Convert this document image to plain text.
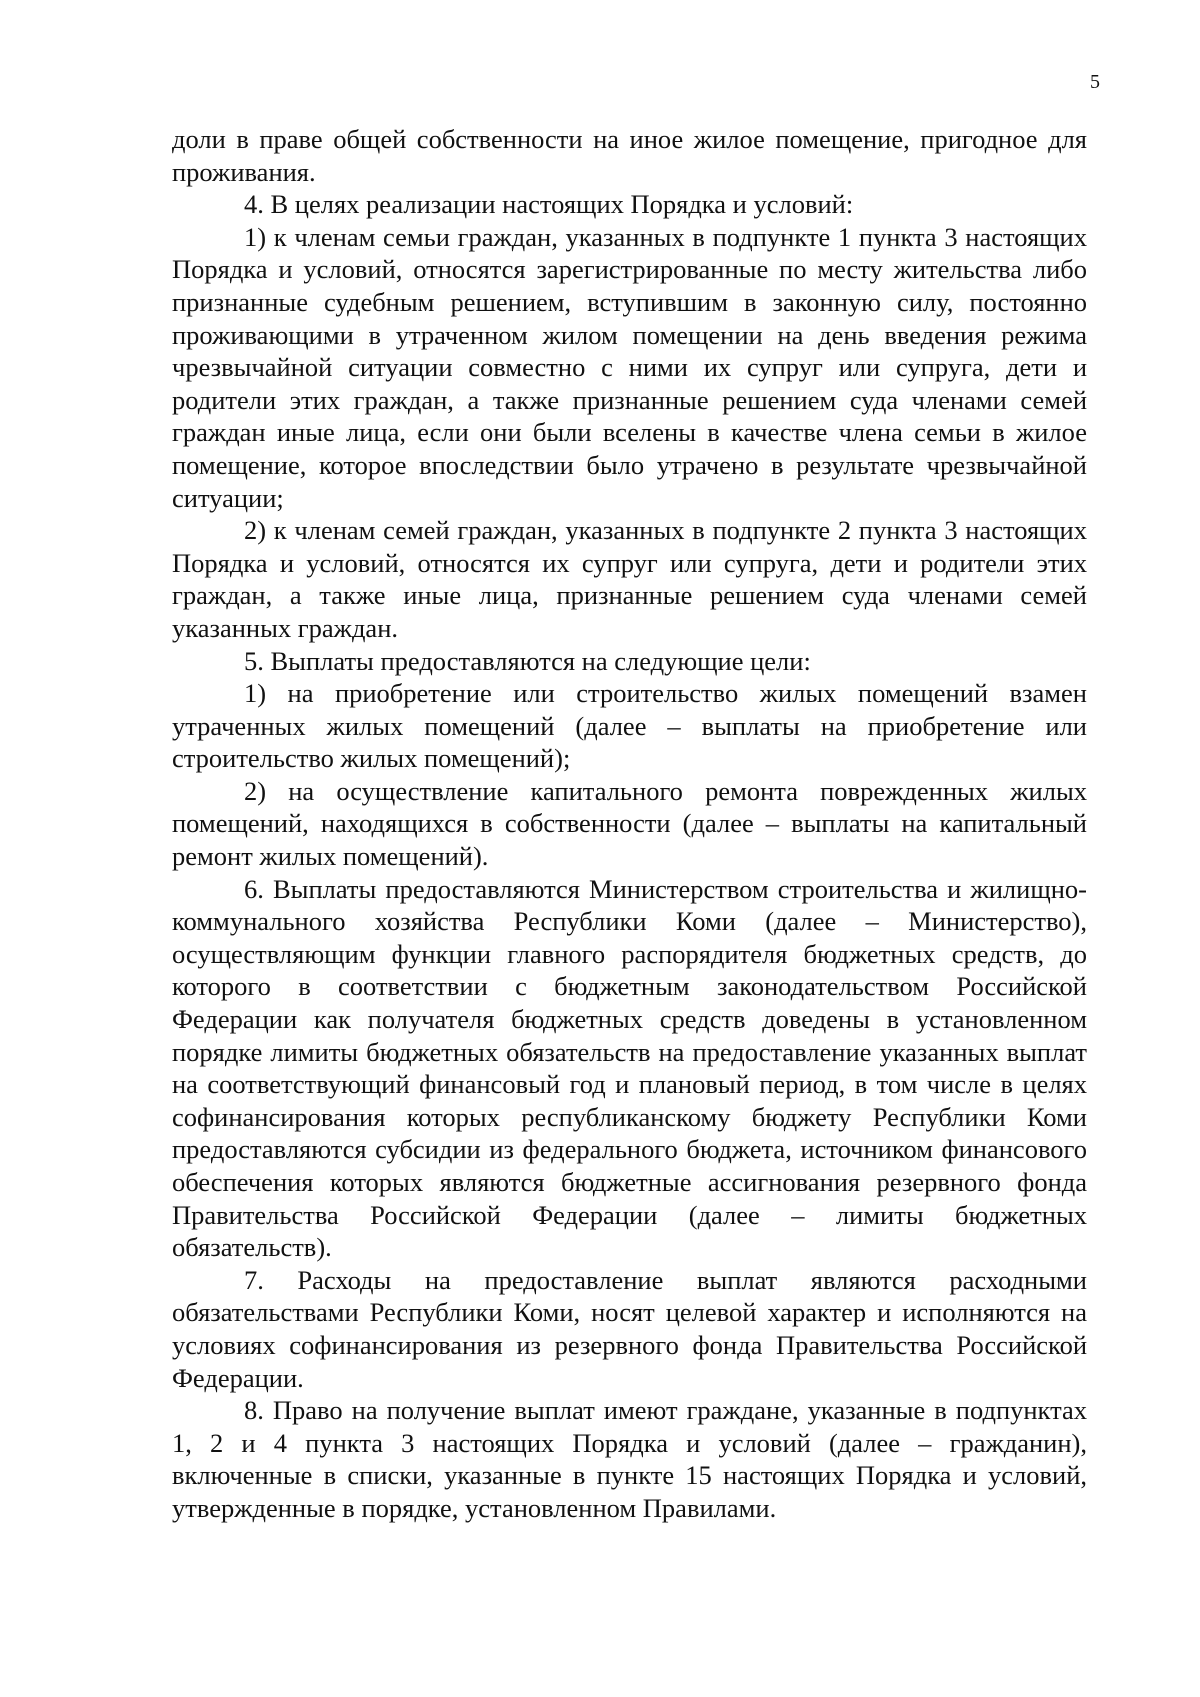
5

доли в праве общей собственности на иное жилое помещение, пригодное для проживания.

4. В целях реализации настоящих Порядка и условий:

1) к членам семьи граждан, указанных в подпункте 1 пункта 3 настоящих Порядка и условий, относятся зарегистрированные по месту жительства либо признанные судебным решением, вступившим в законную силу, постоянно проживающими в утраченном жилом помещении на день введения режима чрезвычайной ситуации совместно с ними их супруг или супруга, дети и родители этих граждан, а также признанные решением суда членами семей граждан иные лица, если они были вселены в качестве члена семьи в жилое помещение, которое впоследствии было утрачено в результате чрезвычайной ситуации;

2) к членам семей граждан, указанных в подпункте 2 пункта 3 настоящих Порядка и условий, относятся их супруг или супруга, дети и родители этих граждан, а также иные лица, признанные решением суда членами семей указанных граждан.

5. Выплаты предоставляются на следующие цели:

1) на приобретение или строительство жилых помещений взамен утраченных жилых помещений (далее – выплаты на приобретение или строительство жилых помещений);

2) на осуществление капитального ремонта поврежденных жилых помещений, находящихся в собственности (далее – выплаты на капитальный ремонт жилых помещений).

6. Выплаты предоставляются Министерством строительства и жилищно-коммунального хозяйства Республики Коми (далее – Министерство), осуществляющим функции главного распорядителя бюджетных средств, до которого в соответствии с бюджетным законодательством Российской Федерации как получателя бюджетных средств доведены в установленном порядке лимиты бюджетных обязательств на предоставление указанных выплат на соответствующий финансовый год и плановый период, в том числе в целях софинансирования которых республиканскому бюджету Республики Коми предоставляются субсидии из федерального бюджета, источником финансового обеспечения которых являются бюджетные ассигнования резервного фонда Правительства Российской Федерации (далее – лимиты бюджетных обязательств).

7. Расходы на предоставление выплат являются расходными обязательствами Республики Коми, носят целевой характер и исполняются на условиях софинансирования из резервного фонда Правительства Российской Федерации.

8. Право на получение выплат имеют граждане, указанные в подпунктах 1, 2 и 4 пункта 3 настоящих Порядка и условий (далее – гражданин), включенные в списки, указанные в пункте 15 настоящих Порядка и условий, утвержденные в порядке, установленном Правилами.
